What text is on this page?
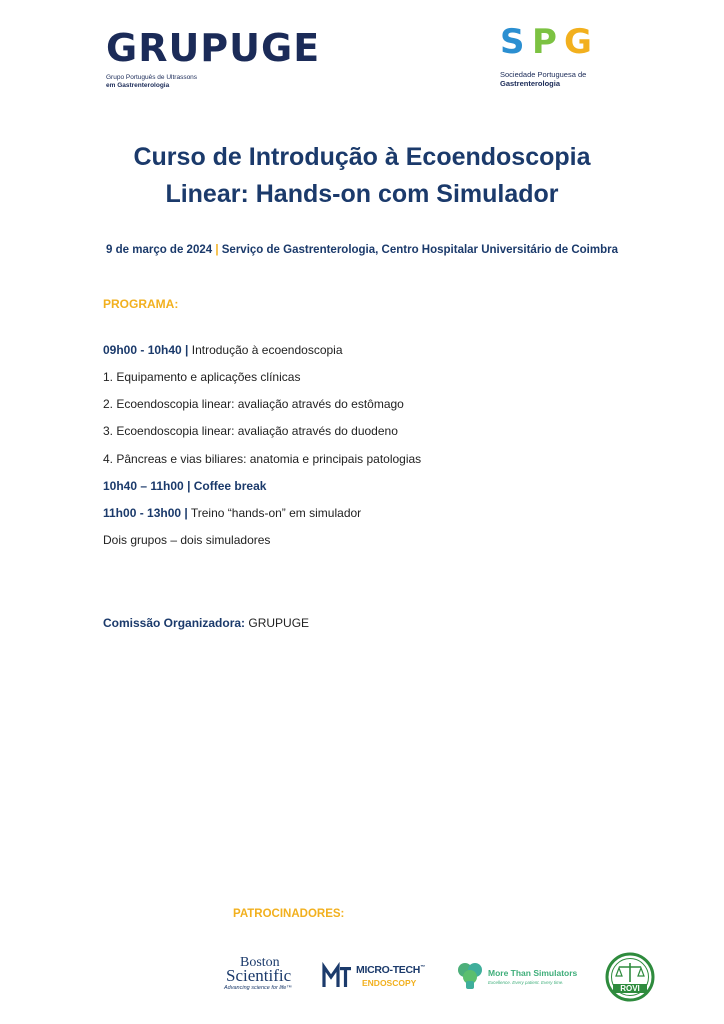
GRUPUGE
Grupo Português de Ultrassons
em Gastrenterologia
S P G
Sociedade Portuguesa de
Gastrenterologia
Curso de Introdução à Ecoendoscopia
Linear: Hands-on com Simulador
9 de março de 2024 | Serviço de Gastrenterologia, Centro Hospitalar Universitário de Coimbra
PROGRAMA:
09h00 - 10h40 | Introdução à ecoendoscopia
1. Equipamento e aplicações clínicas
2. Ecoendoscopia linear: avaliação através do estômago
3. Ecoendoscopia linear: avaliação através do duodeno
4. Pâncreas e vias biliares: anatomia e principais patologias
10h40 – 11h00 | Coffee break
11h00 - 13h00 | Treino “hands-on” em simulador
Dois grupos – dois simuladores
Comissão Organizadora: GRUPUGE
PATROCINADORES:
Boston
Scientific
Advancing science for life™
MICRO-TECH™
ENDOSCOPY
More Than Simulators
Excellence. Every patient. Every time.
ROVI
